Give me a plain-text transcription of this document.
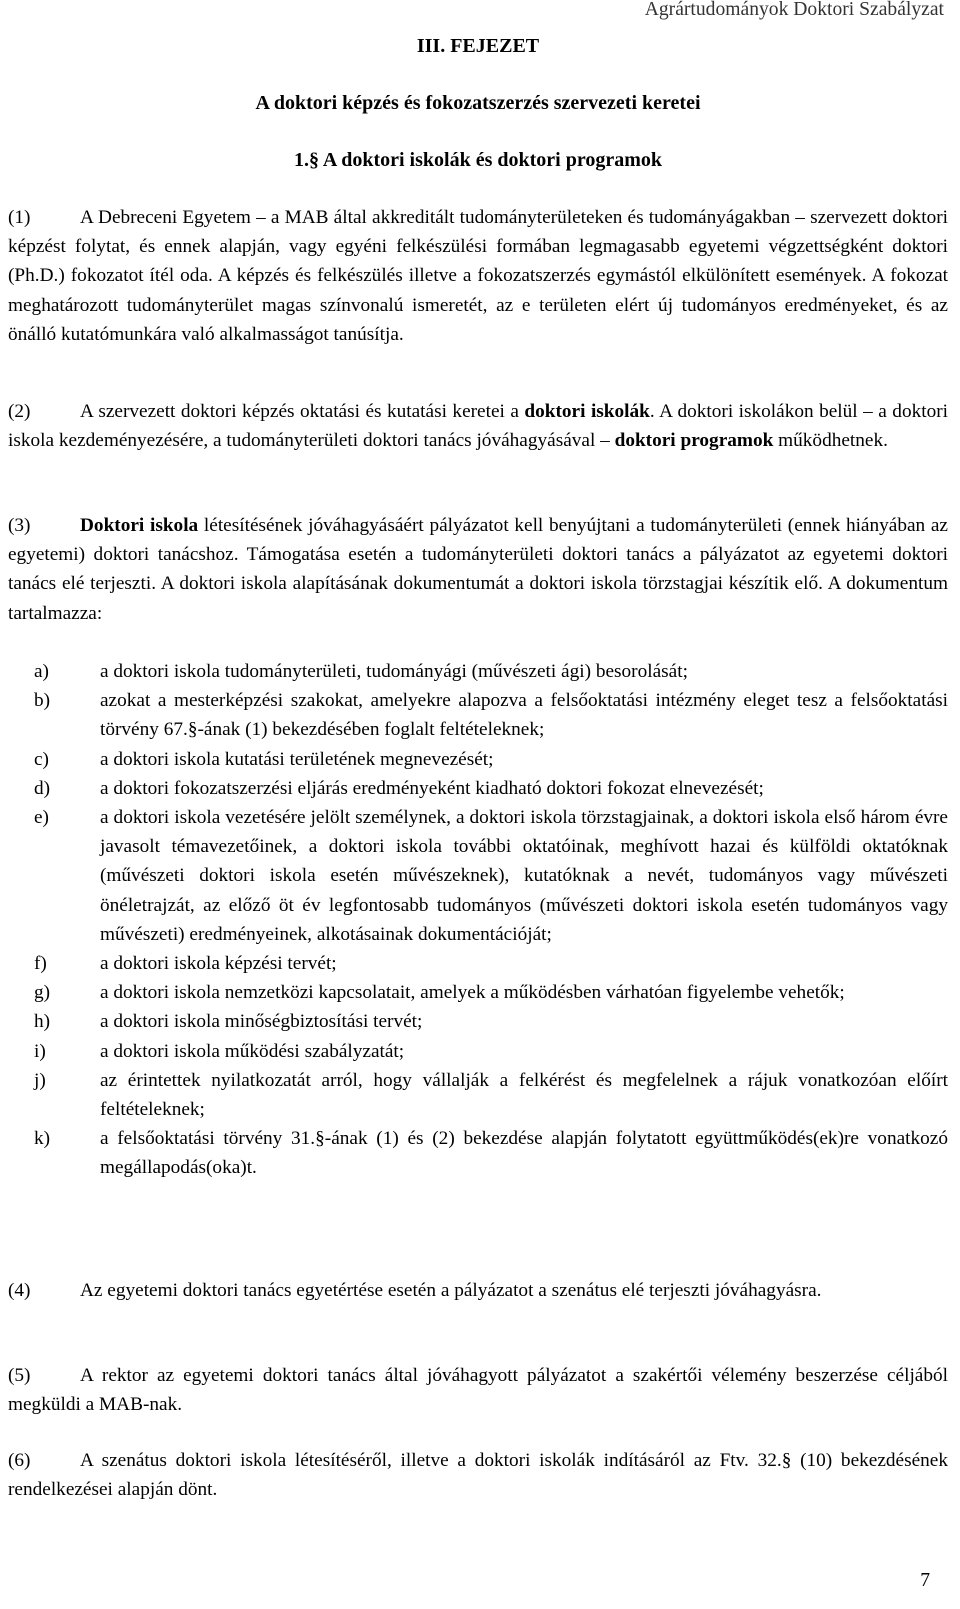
Agrártudományok Doktori Szabályzat
III. FEJEZET
A doktori képzés és fokozatszerzés szervezeti keretei
1.§ A doktori iskolák és doktori programok

(1)	A Debreceni Egyetem – a MAB által akkreditált tudományterületeken és tudományágakban – szervezett doktori képzést folytat, és ennek alapján, vagy egyéni felkészülési formában legmagasabb egyetemi végzettségként doktori (Ph.D.) fokozatot ítél oda. A képzés és felkészülés illetve a fokozatszerzés egymástól elkülönített események. A fokozat meghatározott tudományterület magas színvonalú ismeretét, az e területen elért új tudományos eredményeket, és az önálló kutatómunkára való alkalmasságot tanúsítja.

(2)	A szervezett doktori képzés oktatási és kutatási keretei a doktori iskolák. A doktori iskolákon belül – a doktori iskola kezdeményezésére, a tudományterületi doktori tanács jóváhagyásával – doktori programok működhetnek.

(3)	Doktori iskola létesítésének jóváhagyásáért pályázatot kell benyújtani a tudományterületi (ennek hiányában az egyetemi) doktori tanácshoz. Támogatása esetén a tudományterületi doktori tanács a pályázatot az egyetemi doktori tanács elé terjeszti. A doktori iskola alapításának dokumentumát a doktori iskola törzstagjai készítik elő. A dokumentum tartalmazza:

a)	a doktori iskola tudományterületi, tudományági (művészeti ági) besorolását;
b)	azokat a mesterképzési szakokat, amelyekre alapozva a felsőoktatási intézmény eleget tesz a felsőoktatási törvény 67.§-ának (1) bekezdésében foglalt feltételeknek;
c)	a doktori iskola kutatási területének megnevezését;
d)	a doktori fokozatszerzési eljárás eredményeként kiadható doktori fokozat elnevezését;
e)	a doktori iskola vezetésére jelölt személynek, a doktori iskola törzstagjainak, a doktori iskola első három évre javasolt témavezetőinek, a doktori iskola további oktatóinak, meghívott hazai és külföldi oktatóknak (művészeti doktori iskola esetén művészeknek), kutatóknak a nevét, tudományos vagy művészeti önéletrajzát, az előző öt év legfontosabb tudományos (művészeti doktori iskola esetén tudományos vagy művészeti) eredményeinek, alkotásainak dokumentációját;
f)	a doktori iskola képzési tervét;
g)	a doktori iskola nemzetközi kapcsolatait, amelyek a működésben várhatóan figyelembe vehetők;
h)	a doktori iskola minőségbiztosítási tervét;
i)	a doktori iskola működési szabályzatát;
j)	az érintettek nyilatkozatát arról, hogy vállalják a felkérést és megfelelnek a rájuk vonatkozóan előírt feltételeknek;
k)	a felsőoktatási törvény 31.§-ának (1) és (2) bekezdése alapján folytatott együttműködés(ek)re vonatkozó megállapodás(oka)t.

(4)	Az egyetemi doktori tanács egyetértése esetén a pályázatot a szenátus elé terjeszti jóváhagyásra.

(5)	A rektor az egyetemi doktori tanács által jóváhagyott pályázatot a szakértői vélemény beszerzése céljából megküldi a MAB-nak.

(6)	A szenátus doktori iskola létesítéséről, illetve a doktori iskolák indításáról az Ftv. 32.§ (10) bekezdésének rendelkezései alapján dönt.

7
